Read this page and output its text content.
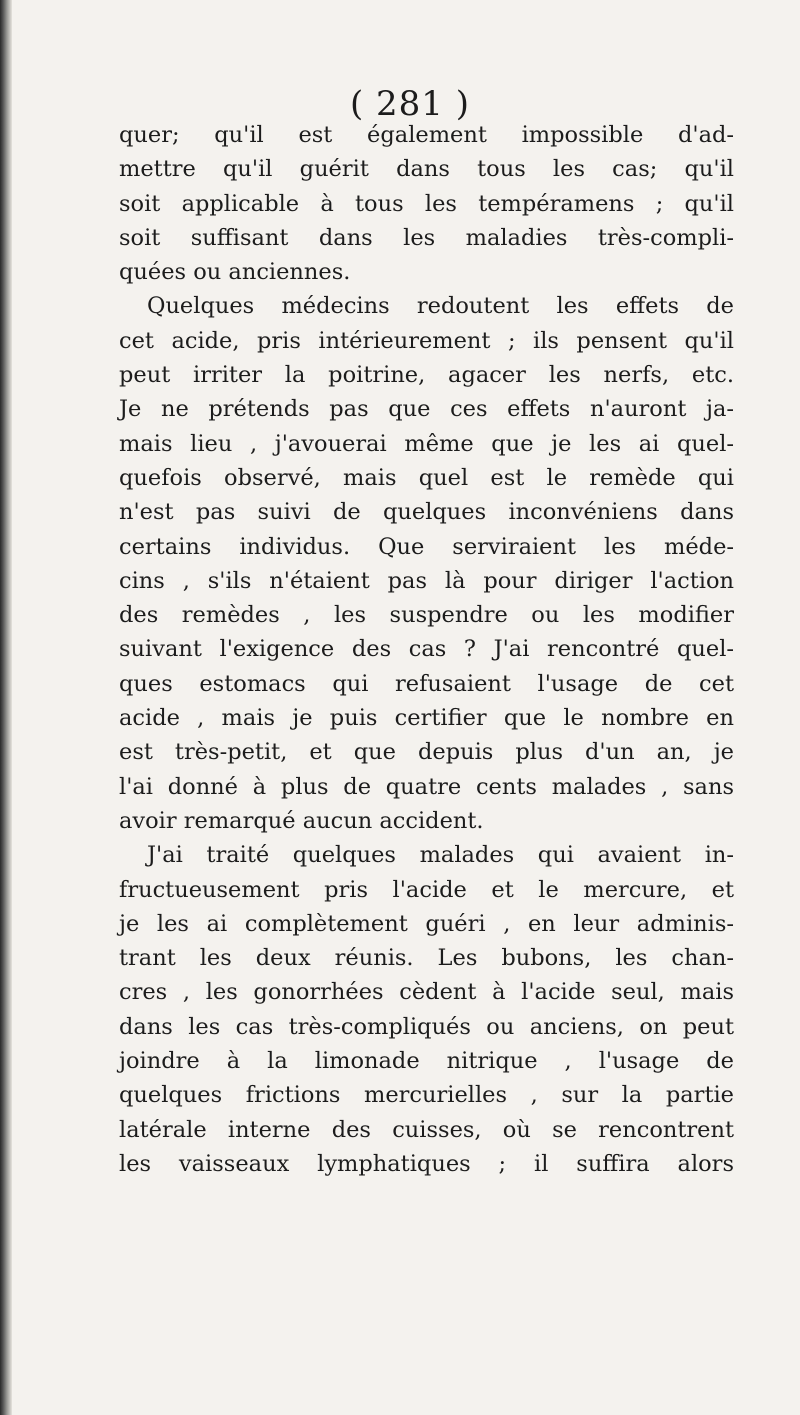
( 281 )
quer; qu'il est également impossible d'ad-
mettre qu'il guérit dans tous les cas; qu'il
soit applicable à tous les tempéramens ; qu'il
soit suffisant dans les maladies très-compli-
quées ou anciennes.
Quelques médecins redoutent les effets de
cet acide, pris intérieurement ; ils pensent qu'il
peut irriter la poitrine, agacer les nerfs, etc.
Je ne prétends pas que ces effets n'auront ja-
mais lieu , j'avouerai même que je les ai quel-
quefois observé, mais quel est le remède qui
n'est pas suivi de quelques inconvéniens dans
certains individus. Que serviraient les méde-
cins , s'ils n'étaient pas là pour diriger l'action
des remèdes , les suspendre ou les modifier
suivant l'exigence des cas ? J'ai rencontré quel-
ques estomacs qui refusaient l'usage de cet
acide , mais je puis certifier que le nombre en
est très-petit, et que depuis plus d'un an, je
l'ai donné à plus de quatre cents malades , sans
avoir remarqué aucun accident.
J'ai traité quelques malades qui avaient in-
fructueusement pris l'acide et le mercure, et
je les ai complètement guéri , en leur adminis-
trant les deux réunis. Les bubons, les chan-
cres , les gonorrhées cèdent à l'acide seul, mais
dans les cas très-compliqués ou anciens, on peut
joindre à la limonade nitrique , l'usage de
quelques frictions mercurielles , sur la partie
latérale interne des cuisses, où se rencontrent
les vaisseaux lymphatiques ; il suffira alors
